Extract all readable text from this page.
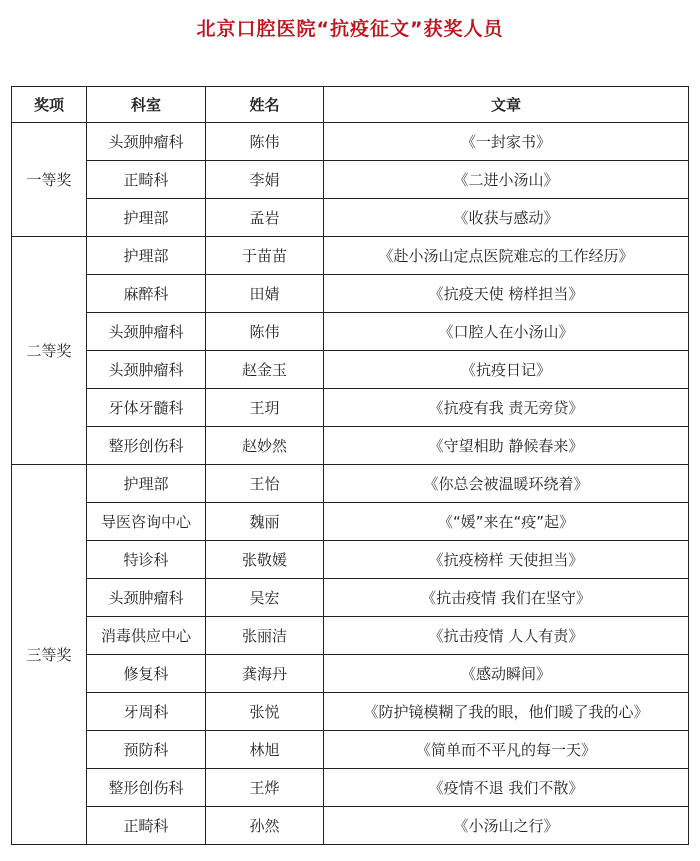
北京口腔医院“抗疫征文”获奖人员
奖项	科室	姓名	文章
一等奖	头颈肿瘤科	陈伟	《一封家书》
	正畸科	李娟	《二进小汤山》
	护理部	孟岩	《收获与感动》
二等奖	护理部	于苗苗	《赴小汤山定点医院难忘的工作经历》
	麻醉科	田婧	《抗疫天使 榜样担当》
	头颈肿瘤科	陈伟	《口腔人在小汤山》
	头颈肿瘤科	赵金玉	《抗疫日记》
	牙体牙髓科	王玥	《抗疫有我 责无旁贷》
	整形创伤科	赵妙然	《守望相助 静候春来》
三等奖	护理部	王怡	《你总会被温暖环绕着》
	导医咨询中心	魏丽	《“媛”来在“疫”起》
	特诊科	张敬媛	《抗疫榜样 天使担当》
	头颈肿瘤科	吴宏	《抗击疫情 我们在坚守》
	消毒供应中心	张丽洁	《抗击疫情 人人有责》
	修复科	龚海丹	《感动瞬间》
	牙周科	张悦	《防护镜模糊了我的眼，他们暖了我的心》
	预防科	林旭	《简单而不平凡的每一天》
	整形创伤科	王烨	《疫情不退 我们不散》
	正畸科	孙然	《小汤山之行》
